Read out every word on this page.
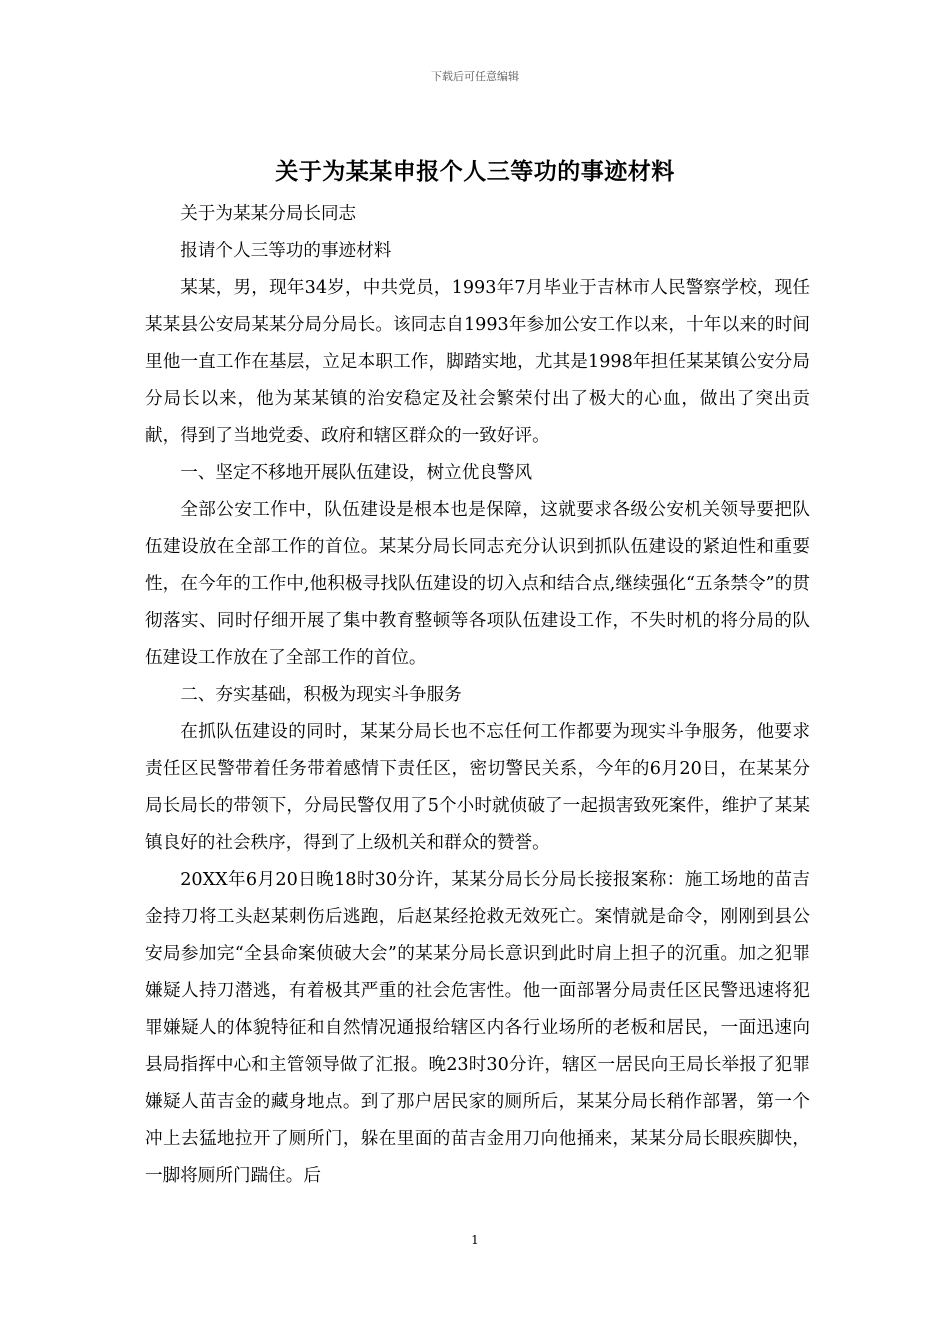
下载后可任意编辑
关于为某某申报个人三等功的事迹材料

关于为某某分局长同志

报请个人三等功的事迹材料

某某，男，现年34岁，中共党员，1993年7月毕业于吉林市人民警察学校，现任某某县公安局某某分局分局长。该同志自1993年参加公安工作以来，十年以来的时间里他一直工作在基层，立足本职工作，脚踏实地，尤其是1998年担任某某镇公安分局分局长以来，他为某某镇的治安稳定及社会繁荣付出了极大的心血，做出了突出贡献，得到了当地党委、政府和辖区群众的一致好评。

一、坚定不移地开展队伍建设，树立优良警风

全部公安工作中，队伍建设是根本也是保障，这就要求各级公安机关领导要把队伍建设放在全部工作的首位。某某分局长同志充分认识到抓队伍建设的紧迫性和重要性，在今年的工作中,他积极寻找队伍建设的切入点和结合点,继续强化“五条禁令”的贯彻落实、同时仔细开展了集中教育整顿等各项队伍建设工作，不失时机的将分局的队伍建设工作放在了全部工作的首位。

二、夯实基础，积极为现实斗争服务

在抓队伍建设的同时，某某分局长也不忘任何工作都要为现实斗争服务，他要求责任区民警带着任务带着感情下责任区，密切警民关系，今年的6月20日，在某某分局长局长的带领下，分局民警仅用了5个小时就侦破了一起损害致死案件，维护了某某镇良好的社会秩序，得到了上级机关和群众的赞誉。

20XX年6月20日晚18时30分许，某某分局长分局长接报案称：施工场地的苗吉金持刀将工头赵某刺伤后逃跑，后赵某经抢救无效死亡。案情就是命令，刚刚到县公安局参加完“全县命案侦破大会”的某某分局长意识到此时肩上担子的沉重。加之犯罪嫌疑人持刀潜逃，有着极其严重的社会危害性。他一面部署分局责任区民警迅速将犯罪嫌疑人的体貌特征和自然情况通报给辖区内各行业场所的老板和居民，一面迅速向县局指挥中心和主管领导做了汇报。晚23时30分许，辖区一居民向王局长举报了犯罪嫌疑人苗吉金的藏身地点。到了那户居民家的厕所后，某某分局长稍作部署，第一个冲上去猛地拉开了厕所门，躲在里面的苗吉金用刀向他捅来，某某分局长眼疾脚快，一脚将厕所门踹住。后

1
